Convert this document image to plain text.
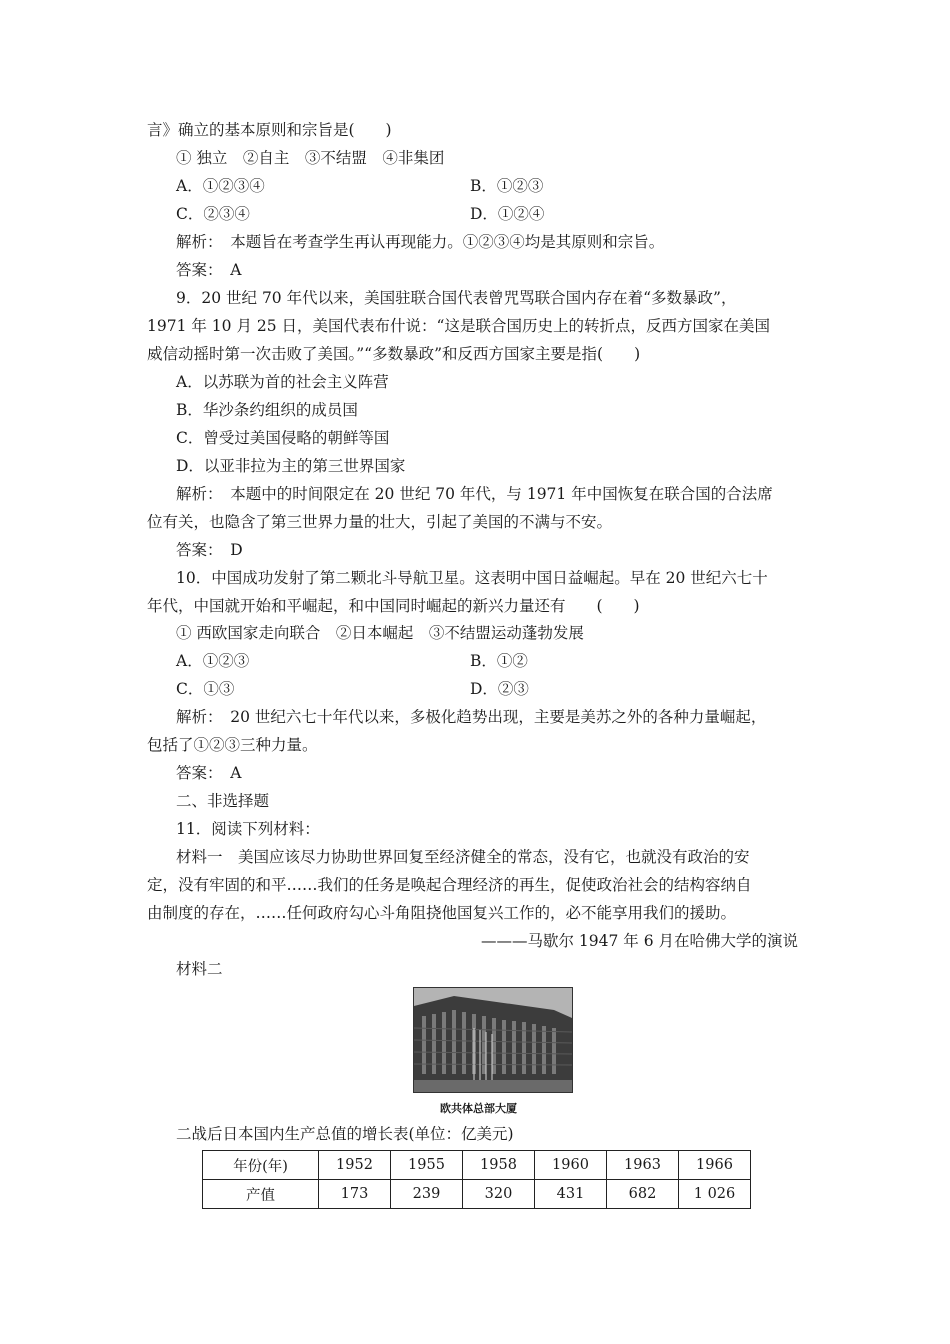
言》确立的基本原则和宗旨是(　　)
① 独立　②自主　③不结盟　④非集团
A．①②③④	B．①②③
C．②③④	D．①②④
解析：　本题旨在考查学生再认再现能力。①②③④均是其原则和宗旨。
答案：　A
9．20 世纪 70 年代以来，美国驻联合国代表曾咒骂联合国内存在着“多数暴政”，
1971 年 10 月 25 日，美国代表布什说：“这是联合国历史上的转折点，反西方国家在美国
威信动摇时第一次击败了美国。”“多数暴政”和反西方国家主要是指(　　)
A．以苏联为首的社会主义阵营
B．华沙条约组织的成员国
C．曾受过美国侵略的朝鲜等国
D．以亚非拉为主的第三世界国家
解析：　本题中的时间限定在 20 世纪 70 年代，与 1971 年中国恢复在联合国的合法席
位有关，也隐含了第三世界力量的壮大，引起了美国的不满与不安。
答案：　D
10．中国成功发射了第二颗北斗导航卫星。这表明中国日益崛起。早在 20 世纪六七十
年代，中国就开始和平崛起，和中国同时崛起的新兴力量还有　　(　　)
① 西欧国家走向联合　②日本崛起　③不结盟运动蓬勃发展
A．①②③	B．①②
C．①③	D．②③
解析：　20 世纪六七十年代以来，多极化趋势出现，主要是美苏之外的各种力量崛起，
包括了①②③三种力量。
答案：　A
二、非选择题
11．阅读下列材料：
材料一　美国应该尽力协助世界回复至经济健全的常态，没有它，也就没有政治的安
定，没有牢固的和平……我们的任务是唤起合理经济的再生，促使政治社会的结构容纳自
由制度的存在，……任何政府勾心斗角阻挠他国复兴工作的，必不能享用我们的援助。
———马歇尔 1947 年 6 月在哈佛大学的演说
材料二
欧共体总部大厦
二战后日本国内生产总值的增长表(单位：亿美元)
年份(年)	1952	1955	1958	1960	1963	1966
产值	173	239	320	431	682	1 026
